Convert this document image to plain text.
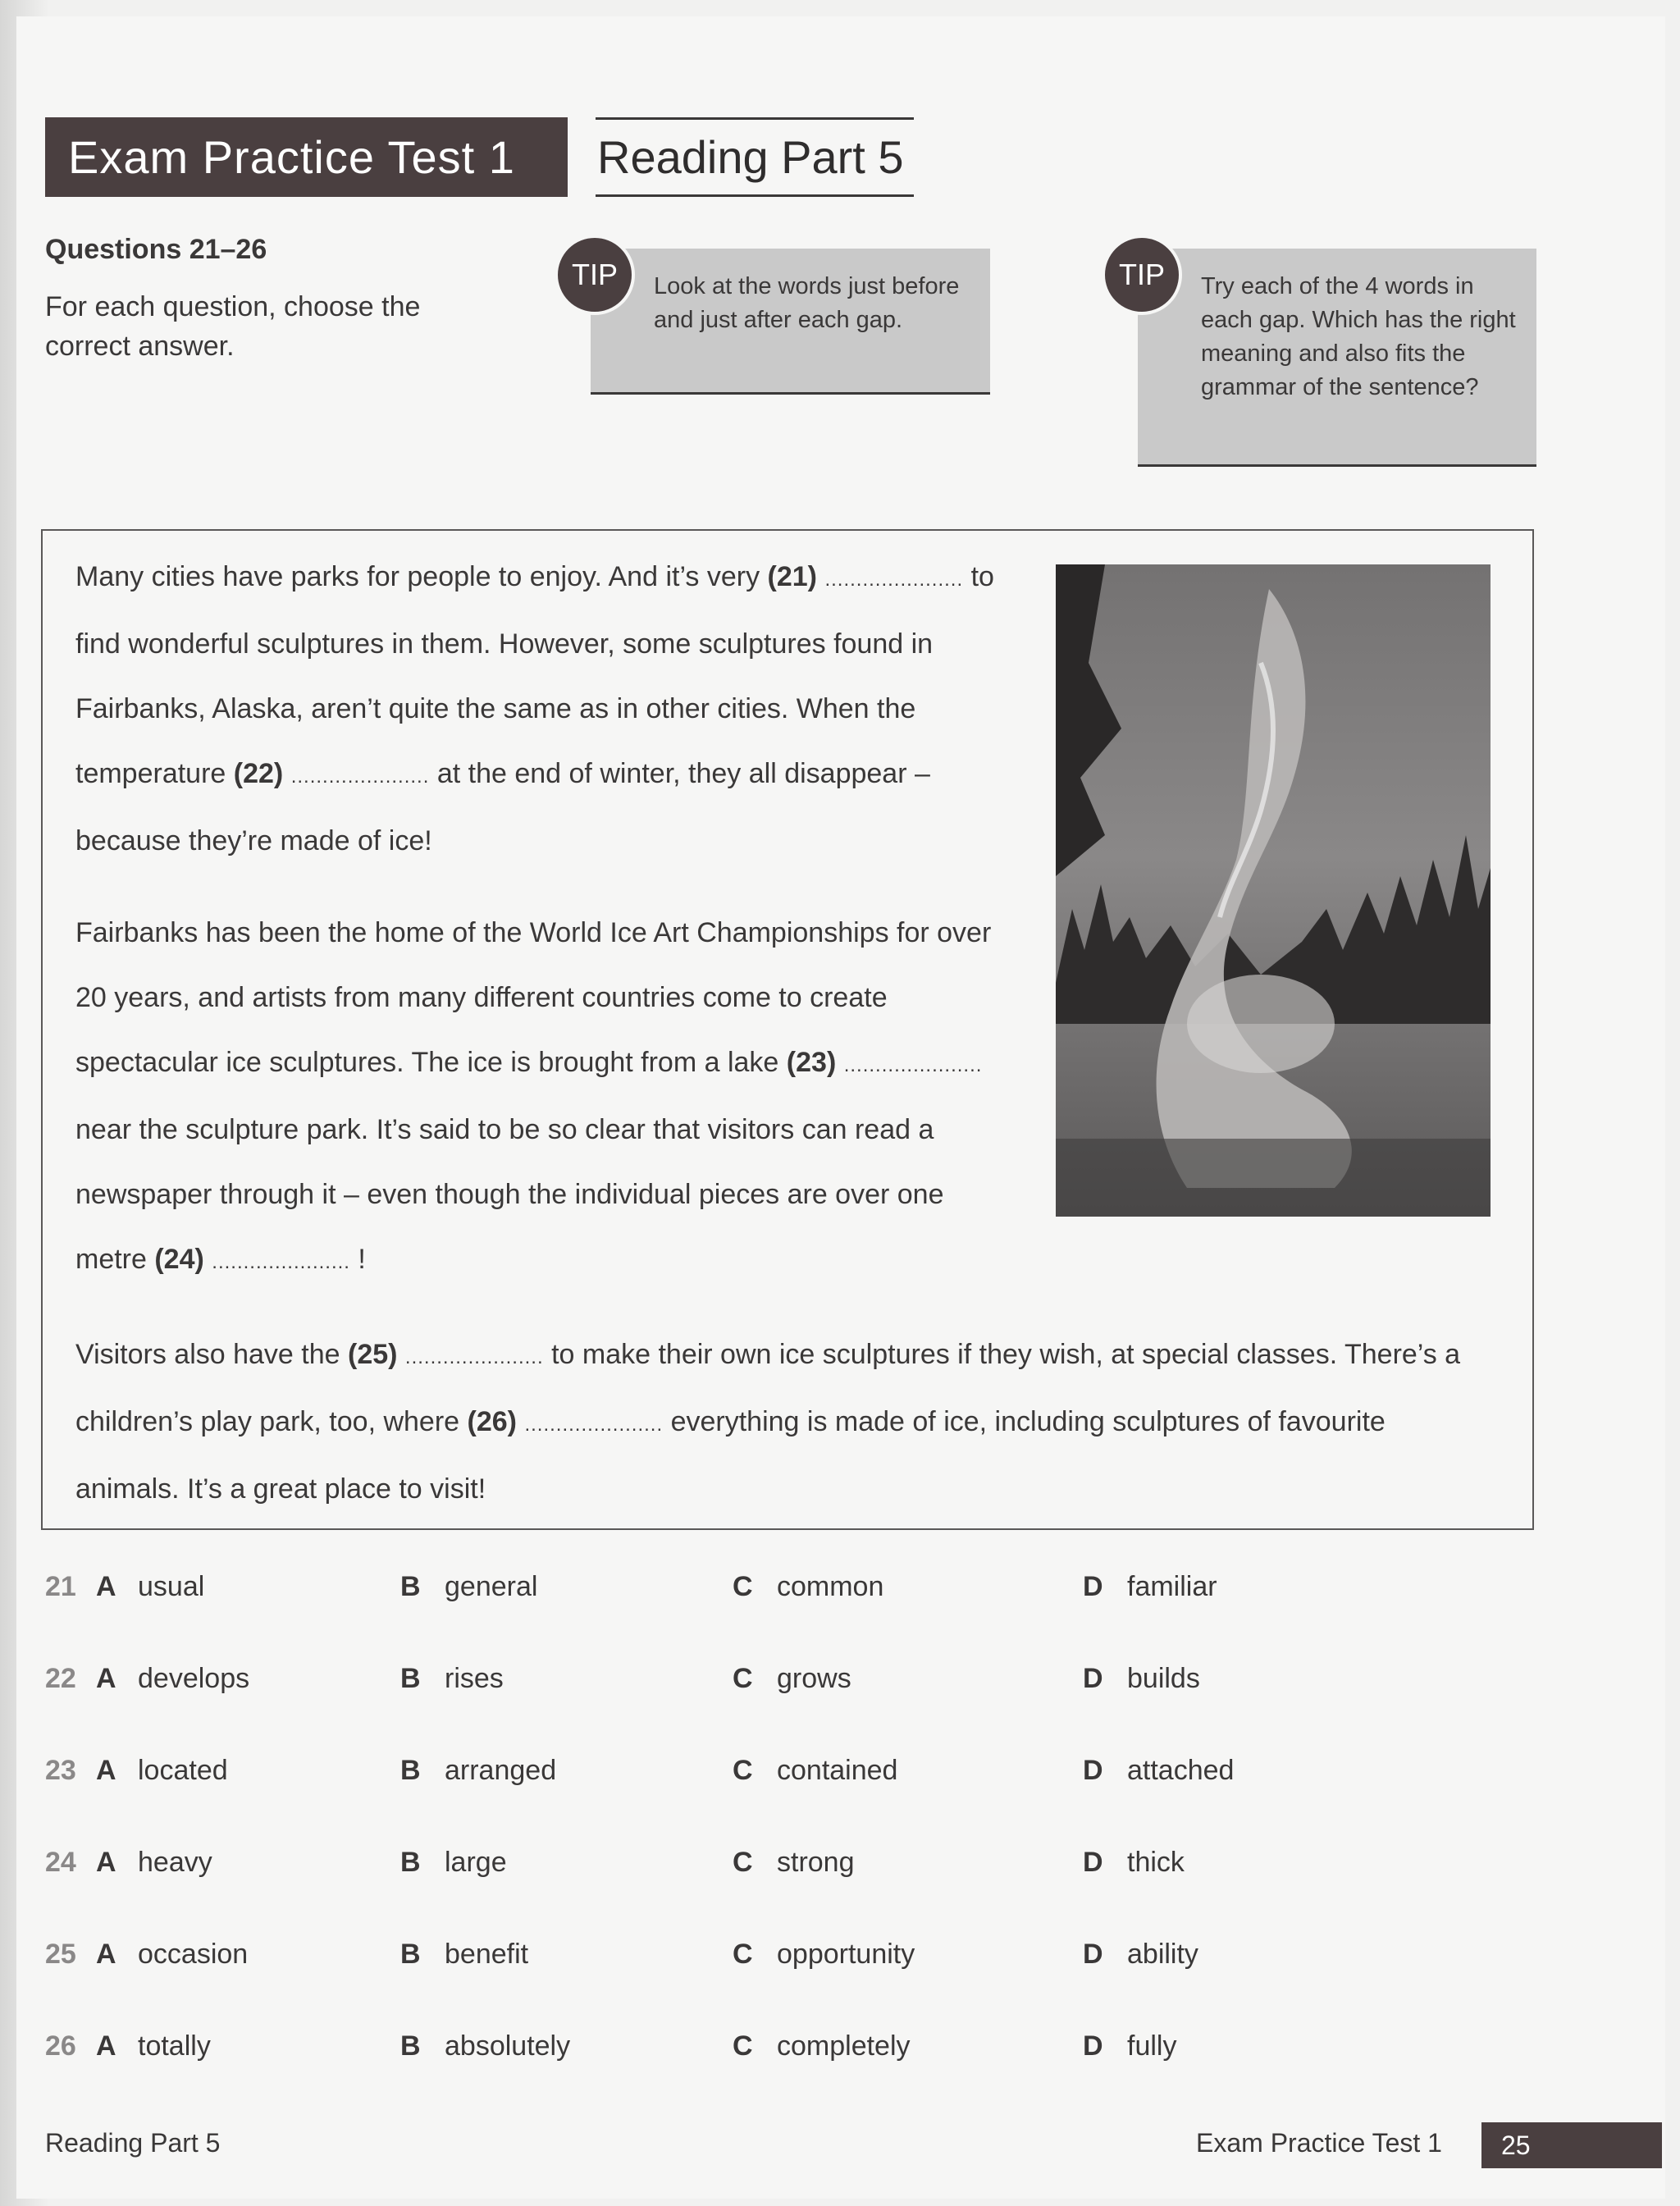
Exam Practice Test 1	Reading Part 5
Questions 21–26
For each question, choose the correct answer.
Look at the words just before and just after each gap.
TIP	Try each of the 4 words in each gap. Which has the right meaning and also fits the grammar of the sentence?
TIP
Many cities have parks for people to enjoy. And it’s very (21) ...................... to find wonderful sculptures in them. However, some sculptures found in Fairbanks, Alaska, aren’t quite the same as in other cities. When the temperature (22) ...................... at the end of winter, they all disappear – because they’re made of ice!
Fairbanks has been the home of the World Ice Art Championships for over 20 years, and artists from many different countries come to create spectacular ice sculptures. The ice is brought from a lake (23) ...................... near the sculpture park. It’s said to be so clear that visitors can read a newspaper through it – even though the individual pieces are over one metre (24) ...................... !
Visitors also have the (25) ...................... to make their own ice sculptures if they wish, at special classes. There’s a children’s play park, too, where (26) ...................... everything is made of ice, including sculptures of favourite animals. It’s a great place to visit!
21 A usual	B general	C common	D familiar
22 A develops	B rises	C grows	D builds
23 A located	B arranged	C contained	D attached
24 A heavy	B large	C strong	D thick
25 A occasion	B benefit	C opportunity	D ability
26 A totally	B absolutely	C completely	D fully
Reading Part 5	Exam Practice Test 1	25
